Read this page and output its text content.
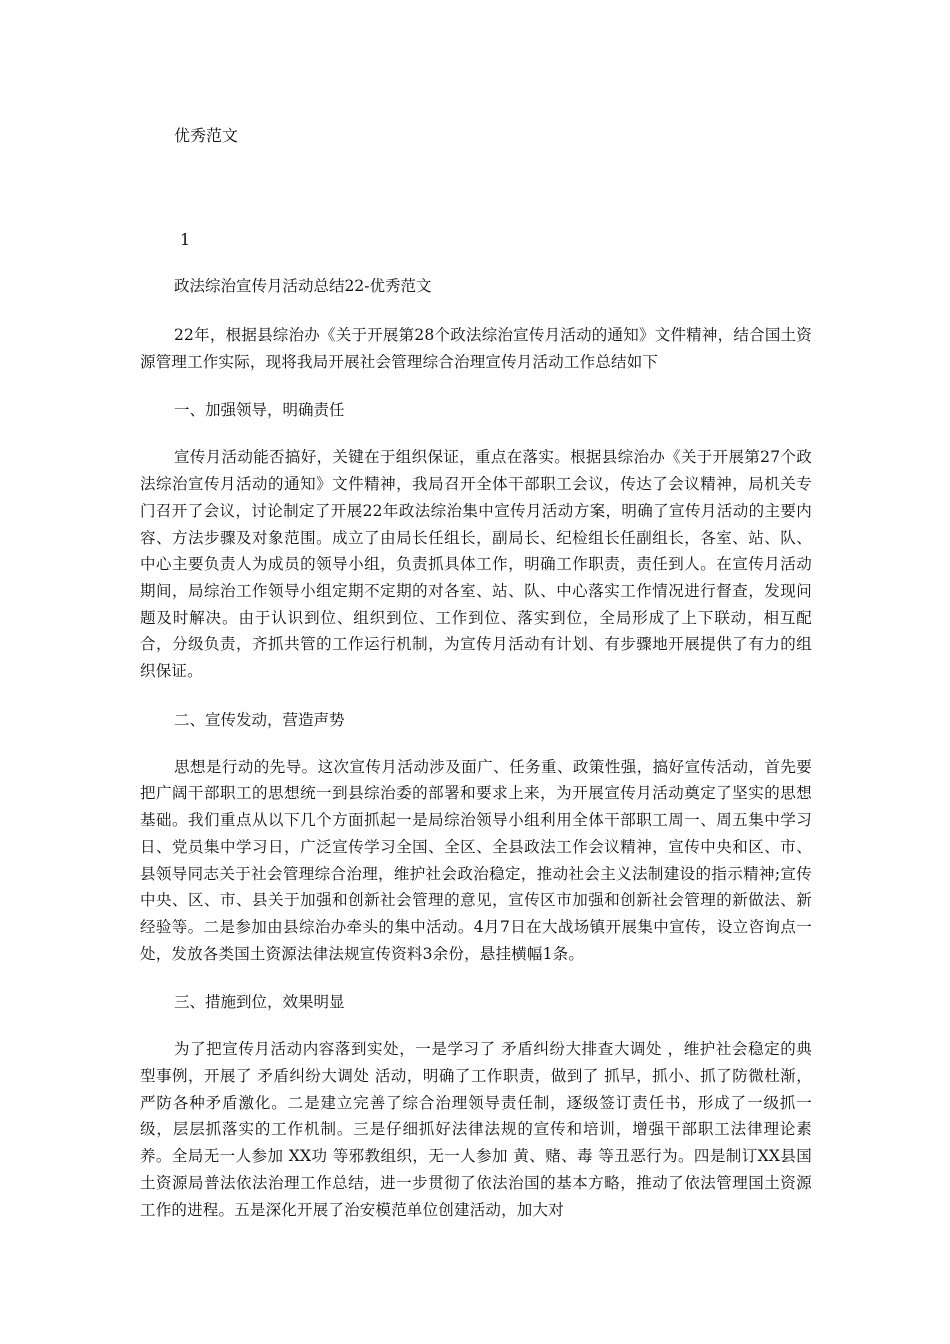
优秀范文
1
政法综治宣传月活动总结22-优秀范文

22年，根据县综治办《关于开展第28个政法综治宣传月活动的通知》文件精神，结合国土资源管理工作实际，现将我局开展社会管理综合治理宣传月活动工作总结如下

一、加强领导，明确责任

宣传月活动能否搞好，关键在于组织保证，重点在落实。根据县综治办《关于开展第27个政法综治宣传月活动的通知》文件精神，我局召开全体干部职工会议，传达了会议精神，局机关专门召开了会议，讨论制定了开展22年政法综治集中宣传月活动方案，明确了宣传月活动的主要内容、方法步骤及对象范围。成立了由局长任组长，副局长、纪检组长任副组长，各室、站、队、中心主要负责人为成员的领导小组，负责抓具体工作，明确工作职责，责任到人。在宣传月活动期间，局综治工作领导小组定期不定期的对各室、站、队、中心落实工作情况进行督查，发现问题及时解决。由于认识到位、组织到位、工作到位、落实到位，全局形成了上下联动，相互配合，分级负责，齐抓共管的工作运行机制，为宣传月活动有计划、有步骤地开展提供了有力的组织保证。

二、宣传发动，营造声势

思想是行动的先导。这次宣传月活动涉及面广、任务重、政策性强，搞好宣传活动，首先要把广阔干部职工的思想统一到县综治委的部署和要求上来，为开展宣传月活动奠定了坚实的思想基础。我们重点从以下几个方面抓起一是局综治领导小组利用全体干部职工周一、周五集中学习日、党员集中学习日，广泛宣传学习全国、全区、全县政法工作会议精神，宣传中央和区、市、县领导同志关于社会管理综合治理，维护社会政治稳定，推动社会主义法制建设的指示精神;宣传中央、区、市、县关于加强和创新社会管理的意见，宣传区市加强和创新社会管理的新做法、新经验等。二是参加由县综治办牵头的集中活动。4月7日在大战场镇开展集中宣传，设立咨询点一处，发放各类国土资源法律法规宣传资料3余份，悬挂横幅1条。

三、措施到位，效果明显

为了把宣传月活动内容落到实处，一是学习了 矛盾纠纷大排查大调处 ，维护社会稳定的典型事例，开展了 矛盾纠纷大调处 活动，明确了工作职责，做到了 抓早，抓小、抓了防微杜渐，严防各种矛盾激化。二是建立完善了综合治理领导责任制，逐级签订责任书，形成了一级抓一级，层层抓落实的工作机制。三是仔细抓好法律法规的宣传和培训，增强干部职工法律理论素养。全局无一人参加 XX功 等邪教组织，无一人参加 黄、赌、毒 等丑恶行为。四是制订XX县国土资源局普法依法治理工作总结，进一步贯彻了依法治国的基本方略，推动了依法管理国土资源工作的进程。五是深化开展了治安模范单位创建活动，加大对
